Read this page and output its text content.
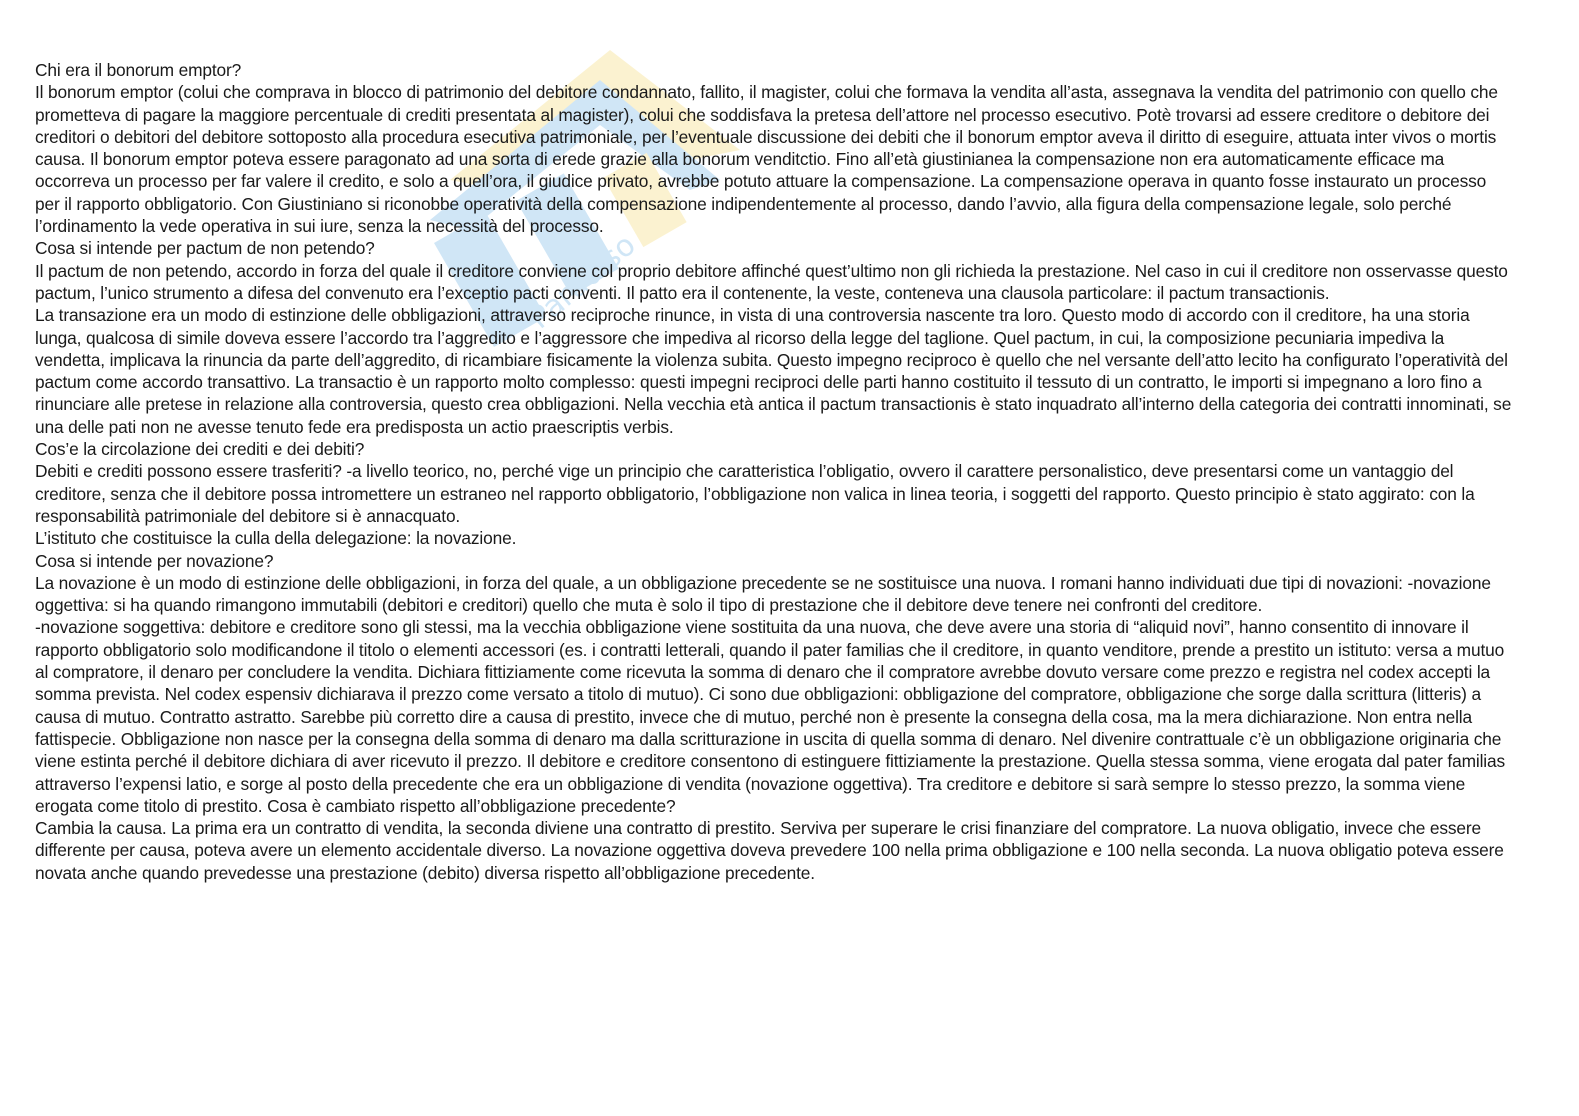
Paradiso

Chi era il bonorum emptor?

Il bonorum emptor (colui che comprava in blocco di patrimonio del debitore condannato, fallito, il magister, colui che formava la vendita all’asta, assegnava la vendita del patrimonio con quello che prometteva di pagare la maggiore percentuale di crediti presentata al magister), colui che soddisfava la pretesa dell’attore nel processo esecutivo. Potè trovarsi ad essere creditore o debitore dei creditori o debitori del debitore sottoposto alla procedura esecutiva patrimoniale, per l’eventuale discussione dei debiti che il bonorum emptor aveva il diritto di eseguire, attuata inter vivos o mortis causa. Il bonorum emptor poteva essere paragonato ad una sorta di erede grazie alla bonorum venditctio. Fino all’età giustinianea la compensazione non era automaticamente efficace ma occorreva un processo per far valere il credito, e solo a quell’ora, il giudice privato, avrebbe potuto attuare la compensazione. La compensazione operava in quanto fosse instaurato un processo per il rapporto obbligatorio. Con Giustiniano si riconobbe operatività della compensazione indipendentemente al processo, dando l’avvio, alla figura della compensazione legale, solo perché l’ordinamento la vede operativa in sui iure, senza la necessità del processo.

Cosa si intende per pactum de non petendo?

Il pactum de non petendo, accordo in forza del quale il creditore conviene col proprio debitore affinché quest’ultimo non gli richieda la prestazione. Nel caso in cui il creditore non osservasse questo pactum, l’unico strumento a difesa del convenuto era l’exceptio pacti conventi. Il patto era il contenente, la veste, conteneva una clausola particolare: il pactum transactionis.

La transazione era un modo di estinzione delle obbligazioni, attraverso reciproche rinunce, in vista di una controversia nascente tra loro. Questo modo di accordo con il creditore, ha una storia lunga, qualcosa di simile doveva essere l’accordo tra l’aggredito e l’aggressore che impediva al ricorso della legge del taglione. Quel pactum, in cui, la composizione pecuniaria impediva la vendetta, implicava la rinuncia da parte dell’aggredito, di ricambiare fisicamente la violenza subita. Questo impegno reciproco è quello che nel versante dell’atto lecito ha configurato l’operatività del pactum come accordo transattivo. La transactio è un rapporto molto complesso: questi impegni reciproci delle parti hanno costituito il tessuto di un contratto, le importi si impegnano a loro fino a rinunciare alle pretese in relazione alla controversia, questo crea obbligazioni. Nella vecchia età antica il pactum transactionis è stato inquadrato all’interno della categoria dei contratti innominati, se una delle pati non ne avesse tenuto fede era predisposta un actio praescriptis verbis.

Cos’e la circolazione dei crediti e dei debiti?

Debiti e crediti possono essere trasferiti? -a livello teorico, no, perché vige un principio che caratteristica l’obligatio, ovvero il carattere personalistico, deve presentarsi come un vantaggio del creditore, senza che il debitore possa intromettere un estraneo nel rapporto obbligatorio, l’obbligazione non valica in linea teoria, i soggetti del rapporto. Questo principio è stato aggirato: con la responsabilità patrimoniale del debitore si è annacquato.

L’istituto che costituisce la culla della delegazione: la novazione.

Cosa si intende per novazione?

La novazione è un modo di estinzione delle obbligazioni, in forza del quale, a un obbligazione precedente se ne sostituisce una nuova. I romani hanno individuati due tipi di novazioni: -novazione oggettiva: si ha quando rimangono immutabili (debitori e creditori) quello che muta è solo il tipo di prestazione che il debitore deve tenere nei confronti del creditore.

-novazione soggettiva: debitore e creditore sono gli stessi, ma la vecchia obbligazione viene sostituita da una nuova, che deve avere una storia di “aliquid novi”, hanno consentito di innovare il rapporto obbligatorio solo modificandone il titolo o elementi accessori (es. i contratti letterali, quando il pater familias che il creditore, in quanto venditore, prende a prestito un istituto: versa a mutuo al compratore, il denaro per concludere la vendita. Dichiara fittiziamente come ricevuta la somma di denaro che il compratore avrebbe dovuto versare come prezzo e registra nel codex accepti la somma prevista. Nel codex espensiv dichiarava il prezzo come versato a titolo di mutuo). Ci sono due obbligazioni: obbligazione del compratore, obbligazione che sorge dalla scrittura (litteris) a causa di mutuo. Contratto astratto. Sarebbe più corretto dire a causa di prestito, invece che di mutuo, perché non è presente la consegna della cosa, ma la mera dichiarazione. Non entra nella fattispecie. Obbligazione non nasce per la consegna della somma di denaro ma dalla scritturazione in uscita di quella somma di denaro. Nel divenire contrattuale c’è un obbligazione originaria che viene estinta perché il debitore dichiara di aver ricevuto il prezzo. Il debitore e creditore consentono di estinguere fittiziamente la prestazione. Quella stessa somma, viene erogata dal pater familias attraverso l’expensi latio, e sorge al posto della precedente che era un obbligazione di vendita (novazione oggettiva). Tra creditore e debitore si sarà sempre lo stesso prezzo, la somma viene erogata come titolo di prestito. Cosa è cambiato rispetto all’obbligazione precedente?

Cambia la causa. La prima era un contratto di vendita, la seconda diviene una contratto di prestito. Serviva per superare le crisi finanziare del compratore. La nuova obligatio, invece che essere differente per causa, poteva avere un elemento accidentale diverso. La novazione oggettiva doveva prevedere 100 nella prima obbligazione e 100 nella seconda. La nuova obligatio poteva essere novata anche quando prevedesse una prestazione (debito) diversa rispetto all’obbligazione precedente.
